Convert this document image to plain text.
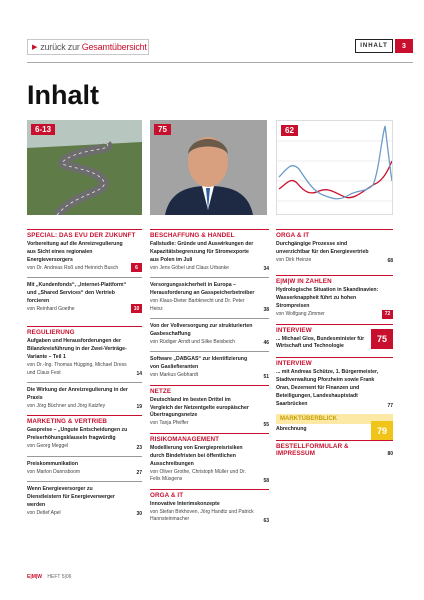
▶ zurück zur Gesamtübersicht	INHALT	3
Inhalt
6-13	75	62
SPECIAL: DAS EVU DER ZUKUNFT
Vorbereitung auf die Anreizregulierung aus Sicht eines regionalen Energieversorgers
von Dr. Andreas Roß und Heinrich Busch	6
Mit „Kundenfonds“, „Internet-Plattform“ und „Shared Services“ den Vertrieb forcieren
von Reinhard Goethe	10
REGULIERUNG
Aufgaben und Herausforderungen der Bilanzkreisführung in der Zwei-Verträge-Variante – Teil 1
von Dr.-Ing. Thomas Hügging, Michael Dress und Claus Fest	14
Die Wirkung der Anreizregulierung in der Praxis
von Jörg Büchner und Jörg Katzfey	19
MARKETING & VERTRIEB
Gaspreise – „Ungute Entscheidungen zu Preiserhöhungsklauseln fragwürdig
von Georg Meggel	23
Preiskommunikation
von Marlon Dannsboom	27
Wenn Energieversorger zu Dienstleistern für Energieverwerger werden
von Detlef Apel	30
BESCHAFFUNG & HANDEL
Fallstudie: Gründe und Auswirkungen der Kapazitätsbegrenzung für Stromexporte aus Polen im Juli
von Jens Göbel und Claus Urbanke	34
Versorgungssicherheit in Europa – Herausforderung an Gasspeicherbetreiber
von Klaus-Dieter Barbknecht und Dr. Peter Heinz	38
Von der Vollversorgung zur strukturierten Gasbeschaffung
von Rüdiger Arndt und Silke Beisbeich	46
Software „DABGAS“ zur Identifizierung von Gasliefieranten
von Markus Gebhardt	51
NETZE
Deutschland im besten Drittel im Vergleich der Netzentgelte europäischer Übertragungsnetze
von Tanja Pfeiffer	55
RISIKOMANAGEMENT
Modellierung von Energiepreisrisiken durch Bindefristen bei öffentlichen Ausschreibungen
von Oliver Grothe, Christoph Müller und Dr. Felix Müsgens	58
ORGA & IT
Innovative Interimskonzepte
von Stefan Birkhoven, Jörg Handtz und Patrick Hannsteinmacher	63
ORGA & IT
Durchgängige Prozesse sind unverzichtbar für den Energievertrieb
von Dirk Heinze	68
E|M|W IN ZAHLEN
Hydrologische Situation in Skandinavien: Wasserknappheit führt zu hohen Strompreisen
von Wolfgang Zimmer	72
INTERVIEW
... Michael Glos, Bundesminister für Wirtschaft und Technologie
75
INTERVIEW
... mit Andreas Schütze, 1. Bürgermeister, Stadtverwaltung Pforzheim sowie Frank Oran, Dezernent für Finanzen und Beteiligungen, Landeshauptstadt Saarbrücken	77
MARKTÜBERBLICK
Abrechnung	79
BESTELLFORMULAR & IMPRESSUM	80
E|M|W HEFT 5|06
